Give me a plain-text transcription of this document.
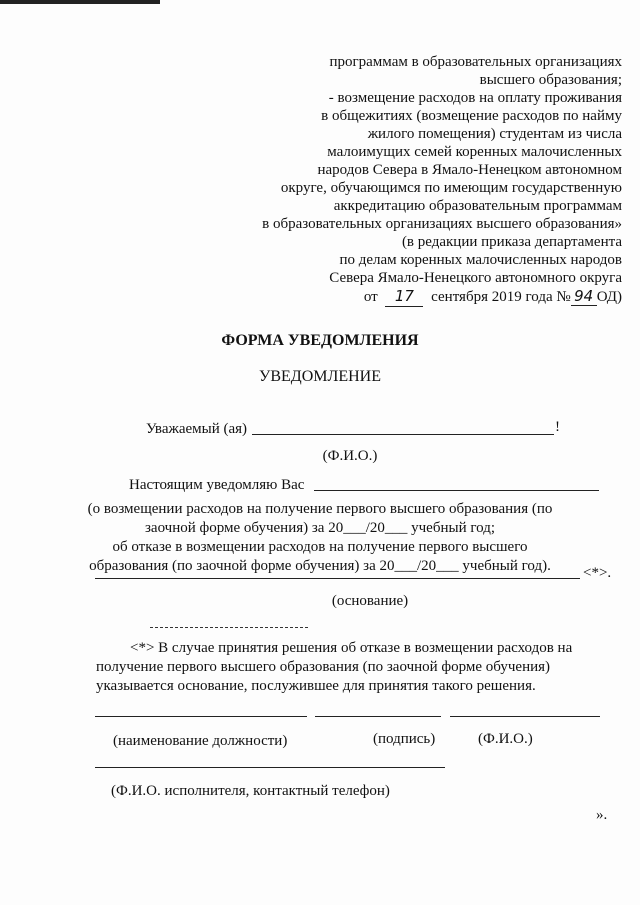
программам в образовательных организациях
высшего образования;
- возмещение расходов на оплату проживания
в общежитиях (возмещение расходов по найму
жилого помещения) студентам из числа
малоимущих семей коренных малочисленных
народов Севера в Ямало-Ненецком автономном
округе, обучающимся по имеющим государственную
аккредитацию образовательным программам
в образовательных организациях высшего образования»
(в редакции приказа департамента
по делам коренных малочисленных народов
Севера Ямало-Ненецкого автономного округа
от 17 сентября 2019 года № 94 ОД)
ФОРМА УВЕДОМЛЕНИЯ
УВЕДОМЛЕНИЕ
Уважаемый (ая)	!
(Ф.И.О.)
Настоящим уведомляю Вас
(о возмещении расходов на получение первого высшего образования (по
заочной форме обучения) за 20___/20___ учебный год;
об отказе в возмещении расходов на получение первого высшего
образования (по заочной форме обучения) за 20___/20___ учебный год).	<*>.
(основание)
<*> В случае принятия решения об отказе в возмещении расходов на
получение первого высшего образования (по заочной форме обучения)
указывается основание, послужившее для принятия такого решения.
(наименование должности)	(подпись)	(Ф.И.О.)
(Ф.И.О. исполнителя, контактный телефон)
».
